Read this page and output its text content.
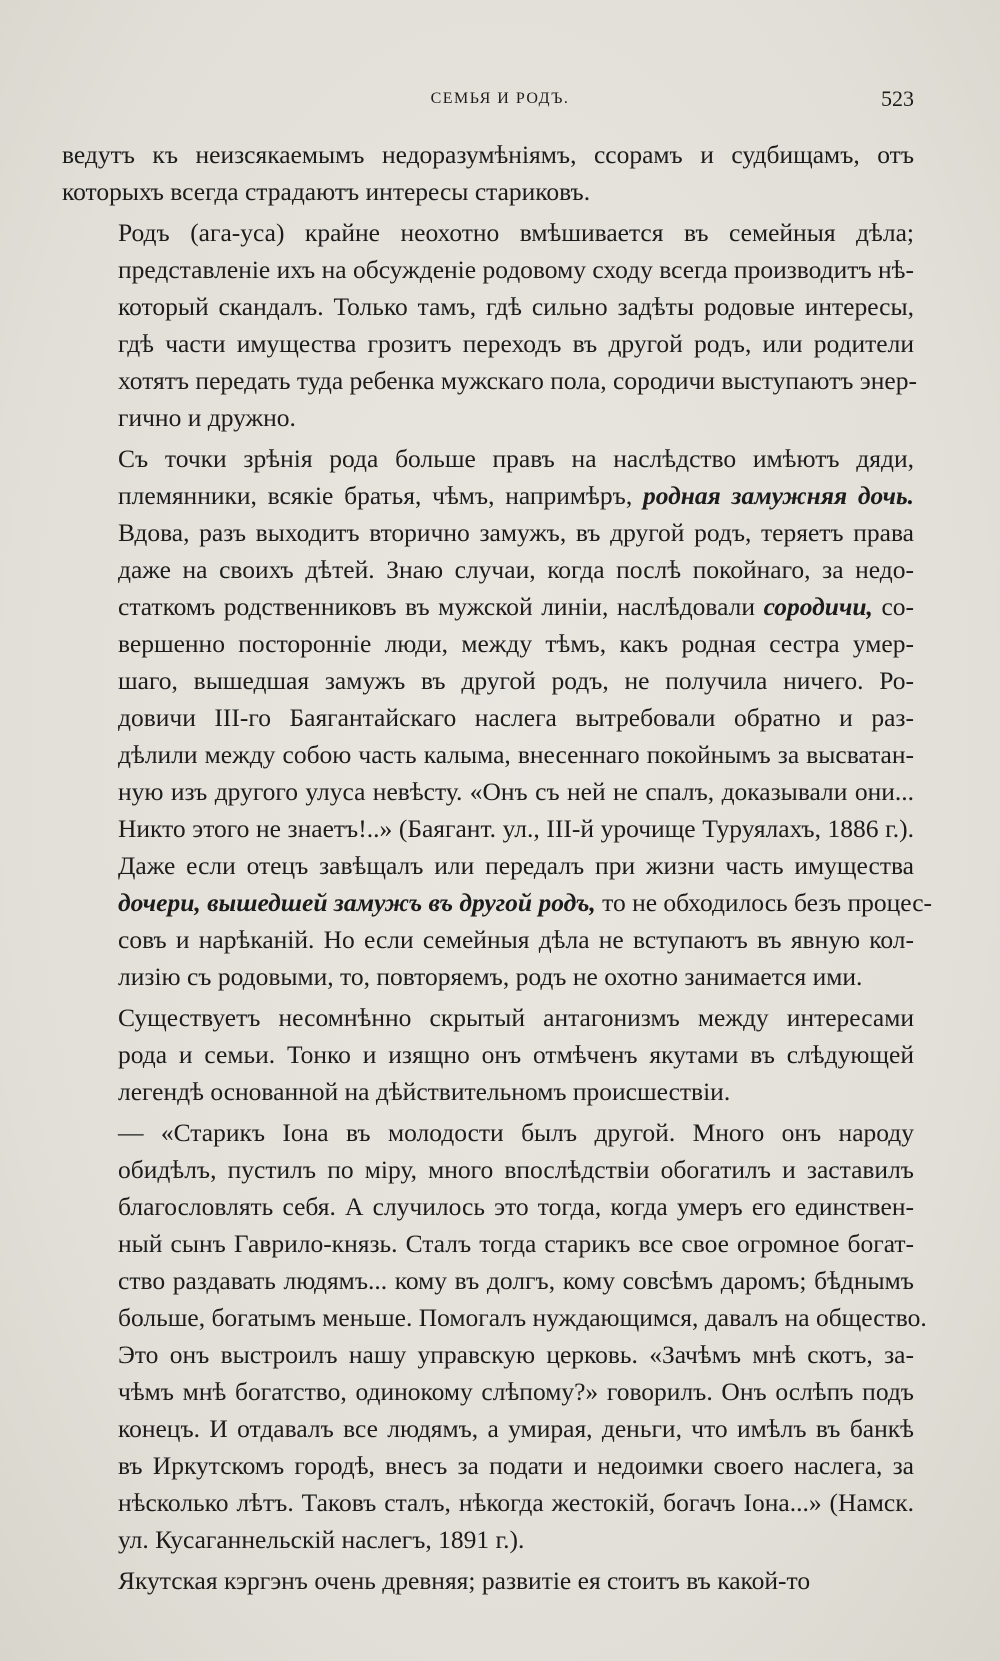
СЕМЬЯ И РОДЪ.	523
ведутъ къ неизсякаемымъ недоразумѣніямъ, ссорамъ и судбищамъ, отъ
которыхъ всегда страдаютъ интересы стариковъ.
Родъ (ага-уса) крайне неохотно вмѣшивается въ семейныя дѣла;
представленіе ихъ на обсужденіе родовому сходу всегда производитъ нѣ-
который скандалъ. Только тамъ, гдѣ сильно задѣты родовые интересы,
гдѣ части имущества грозитъ переходъ въ другой родъ, или родители
хотятъ передать туда ребенка мужскаго пола, сородичи выступаютъ энер-
гично и дружно.
Съ точки зрѣнія рода больше правъ на наслѣдство имѣютъ дяди,
племянники, всякіе братья, чѣмъ, напримѣръ, родная замужняя дочь.
Вдова, разъ выходитъ вторично замужъ, въ другой родъ, теряетъ права
даже на своихъ дѣтей. Знаю случаи, когда послѣ покойнаго, за недо-
статкомъ родственниковъ въ мужской линіи, наслѣдовали сородичи, со-
вершенно посторонніе люди, между тѣмъ, какъ родная сестра умер-
шаго, вышедшая замужъ въ другой родъ, не получила ничего. Ро-
довичи III-го Баягантайскаго наслега вытребовали обратно и раз-
дѣлили между собою часть калыма, внесеннаго покойнымъ за высватан-
ную изъ другого улуса невѣсту. «Онъ съ ней не спалъ, доказывали они...
Никто этого не знаетъ!..» (Баягант. ул., III-й урочище Туруялахъ, 1886 г.).
Даже если отецъ завѣщалъ или передалъ при жизни часть имущества
дочери, вышедшей замужъ въ другой родъ, то не обходилось безъ процес-
совъ и нарѣканій. Но если семейныя дѣла не вступаютъ въ явную кол-
лизію съ родовыми, то, повторяемъ, родъ не охотно занимается ими.
Существуетъ несомнѣнно скрытый антагонизмъ между интересами
рода и семьи. Тонко и изящно онъ отмѣченъ якутами въ слѣдующей
легендѣ основанной на дѣйствительномъ происшествіи.
— «Старикъ Іона въ молодости былъ другой. Много онъ народу
обидѣлъ, пустилъ по міру, много впослѣдствіи обогатилъ и заставилъ
благословлять себя. А случилось это тогда, когда умеръ его единствен-
ный сынъ Гаврило-князь. Сталъ тогда старикъ все свое огромное богат-
ство раздавать людямъ... кому въ долгъ, кому совсѣмъ даромъ; бѣднымъ
больше, богатымъ меньше. Помогалъ нуждающимся, давалъ на общество.
Это онъ выстроилъ нашу управскую церковь. «Зачѣмъ мнѣ скотъ, за-
чѣмъ мнѣ богатство, одинокому слѣпому?» говорилъ. Онъ ослѣпъ подъ
конецъ. И отдавалъ все людямъ, а умирая, деньги, что имѣлъ въ банкѣ
въ Иркутскомъ городѣ, внесъ за подати и недоимки своего наслега, за
нѣсколько лѣтъ. Таковъ сталъ, нѣкогда жестокій, богачъ Іона...» (Намск.
ул. Кусаганнельскій наслегъ, 1891 г.).
Якутская кэргэнъ очень древняя; развитіе ея стоитъ въ какой-то
